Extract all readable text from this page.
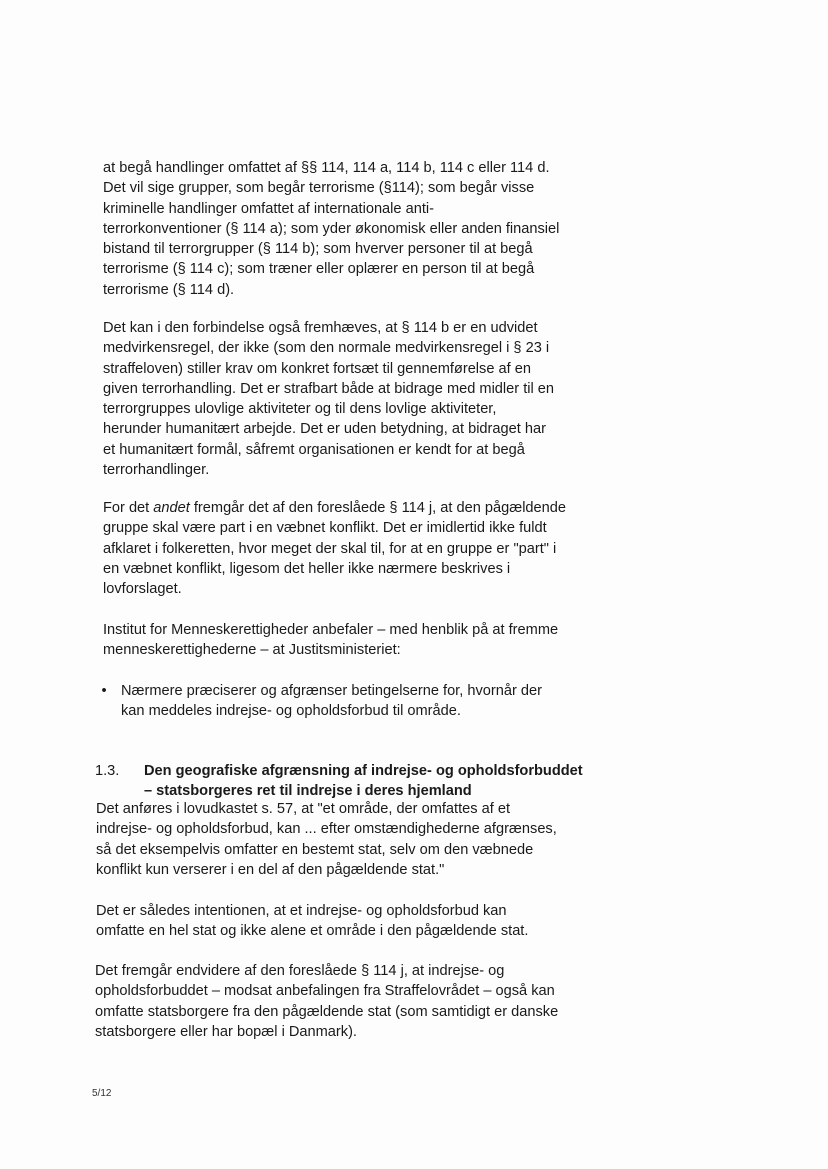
at begå handlinger omfattet af §§ 114, 114 a, 114 b, 114 c eller 114 d.
Det vil sige grupper, som begår terrorisme (§114); som begår visse
kriminelle handlinger omfattet af internationale anti-
terrorkonventioner (§ 114 a); som yder økonomisk eller anden finansiel
bistand til terrorgrupper (§ 114 b); som hverver personer til at begå
terrorisme (§ 114 c); som træner eller oplærer en person til at begå
terrorisme (§ 114 d).
Det kan i den forbindelse også fremhæves, at § 114 b er en udvidet
medvirkensregel, der ikke (som den normale medvirkensregel i § 23 i
straffeloven) stiller krav om konkret fortsæt til gennemførelse af en
given terrorhandling. Det er strafbart både at bidrage med midler til en
terrorgruppes ulovlige aktiviteter og til dens lovlige aktiviteter,
herunder humanitært arbejde. Det er uden betydning, at bidraget har
et humanitært formål, såfremt organisationen er kendt for at begå
terrorhandlinger.
For det andet fremgår det af den foreslåede § 114 j, at den pågældende
gruppe skal være part i en væbnet konflikt. Det er imidlertid ikke fuldt
afklaret i folkeretten, hvor meget der skal til, for at en gruppe er "part" i
en væbnet konflikt, ligesom det heller ikke nærmere beskrives i
lovforslaget.
Institut for Menneskerettigheder anbefaler – med henblik på at fremme
menneskerettighederne – at Justitsministeriet:
• Nærmere præciserer og afgrænser betingelserne for, hvornår der
kan meddeles indrejse- og opholdsforbud til område.
1.3. Den geografiske afgrænsning af indrejse- og opholdsforbuddet
– statsborgeres ret til indrejse i deres hjemland
Det anføres i lovudkastet s. 57, at "et område, der omfattes af et
indrejse- og opholdsforbud, kan ... efter omstændighederne afgrænses,
så det eksempelvis omfatter en bestemt stat, selv om den væbnede
konflikt kun verserer i en del af den pågældende stat."
Det er således intentionen, at et indrejse- og opholdsforbud kan
omfatte en hel stat og ikke alene et område i den pågældende stat.
Det fremgår endvidere af den foreslåede § 114 j, at indrejse- og
opholdsforbuddet – modsat anbefalingen fra Straffelovrådet – også kan
omfatte statsborgere fra den pågældende stat (som samtidigt er danske
statsborgere eller har bopæl i Danmark).
5/12
